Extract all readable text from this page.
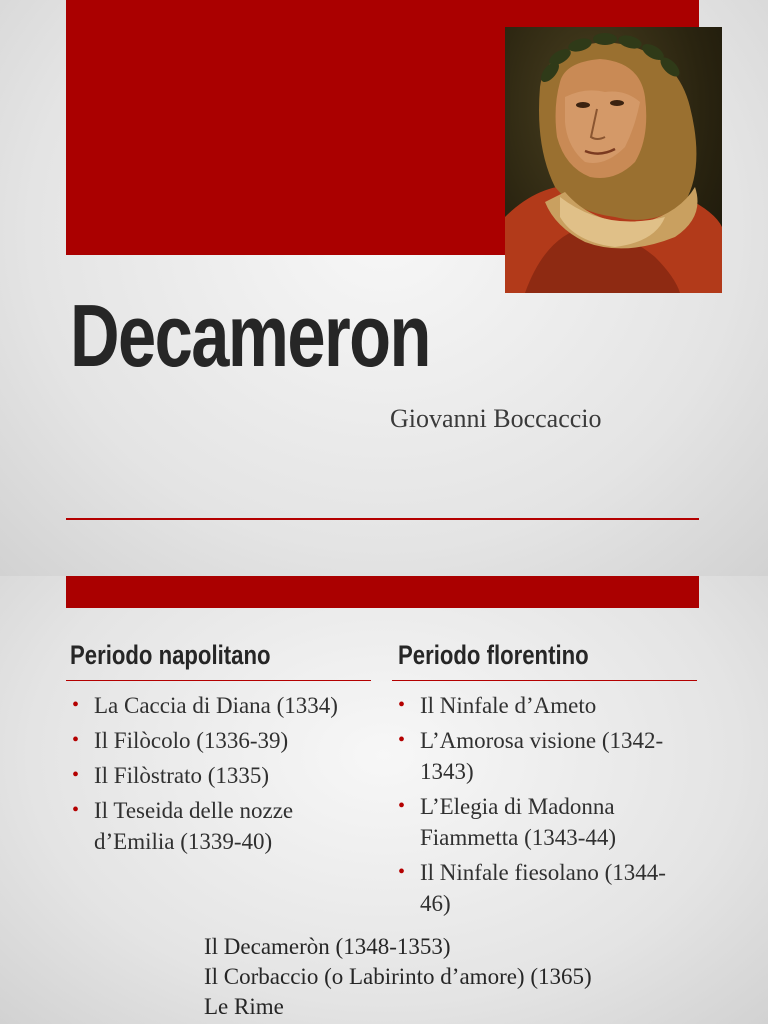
Decameron
Giovanni Boccaccio
Periodo napolitano
• La Caccia di Diana (1334)
• Il Filòcolo (1336-39)
• Il Filòstrato (1335)
• Il Teseida delle nozze d’Emilia (1339-40)
Periodo florentino
• Il Ninfale d’Ameto
• L’Amorosa visione (1342-1343)
• L’Elegia di Madonna Fiammetta (1343-44)
• Il Ninfale fiesolano (1344-46)
Il Decameròn (1348-1353)
Il Corbaccio (o Labirinto d’amore) (1365)
Le Rime
